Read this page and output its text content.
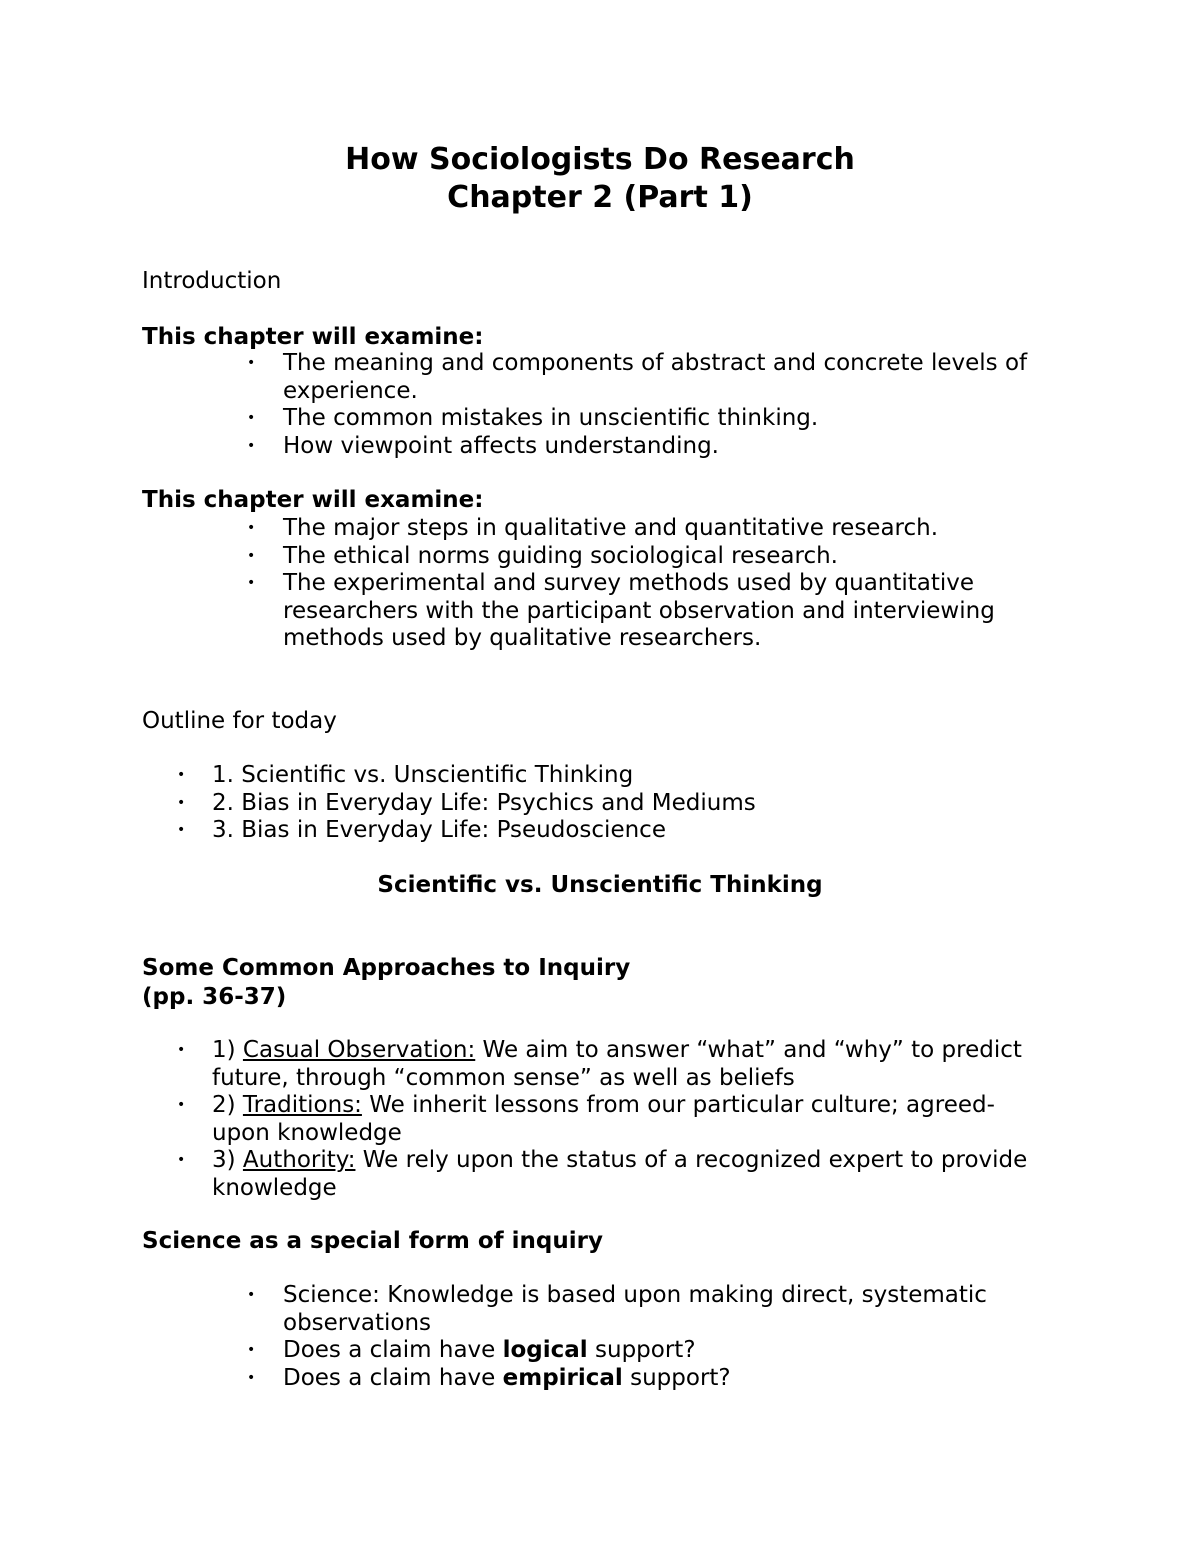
How Sociologists Do Research
Chapter 2 (Part 1)
Introduction
This chapter will examine:
• The meaning and components of abstract and concrete levels of
experience.
• The common mistakes in unscientific thinking.
• How viewpoint affects understanding.
This chapter will examine:
• The major steps in qualitative and quantitative research.
• The ethical norms guiding sociological research.
• The experimental and survey methods used by quantitative
researchers with the participant observation and interviewing
methods used by qualitative researchers.
Outline for today
• 1. Scientific vs. Unscientific Thinking
• 2. Bias in Everyday Life: Psychics and Mediums
• 3. Bias in Everyday Life: Pseudoscience
Scientific vs. Unscientific Thinking
Some Common Approaches to Inquiry
(pp. 36-37)
• 1) Casual Observation: We aim to answer “what” and “why” to predict
future, through “common sense” as well as beliefs
• 2) Traditions: We inherit lessons from our particular culture; agreed-
upon knowledge
• 3) Authority: We rely upon the status of a recognized expert to provide
knowledge
Science as a special form of inquiry
• Science: Knowledge is based upon making direct, systematic
observations
• Does a claim have logical support?
• Does a claim have empirical support?
